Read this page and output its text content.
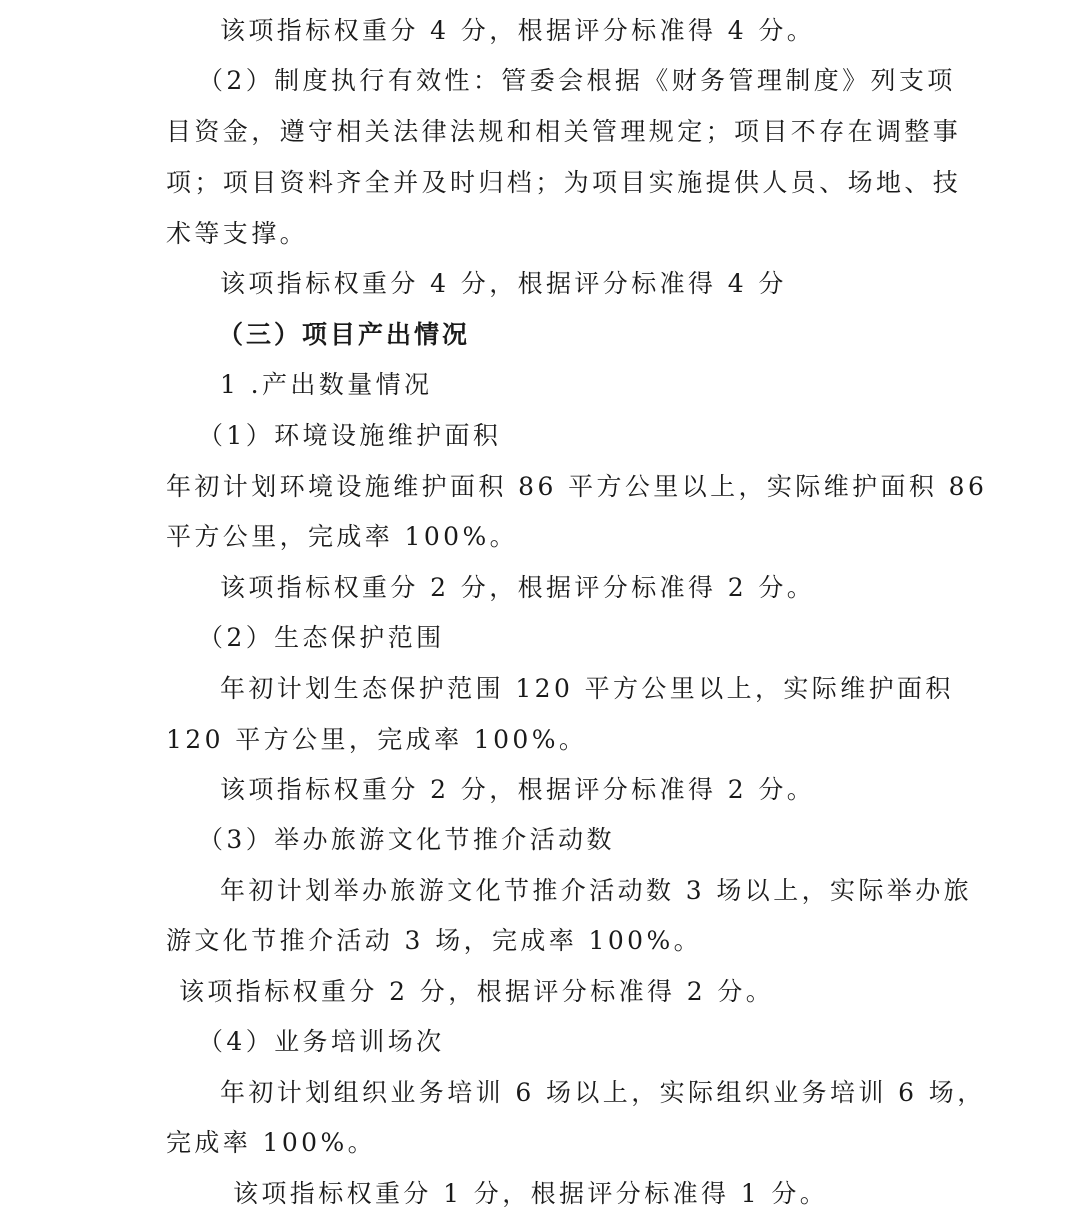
该项指标权重分 4 分，根据评分标准得 4 分。
（2）制度执行有效性：管委会根据《财务管理制度》列支项
目资金，遵守相关法律法规和相关管理规定；项目不存在调整事
项；项目资料齐全并及时归档；为项目实施提供人员、场地、技
术等支撑。
该项指标权重分 4 分，根据评分标准得 4 分
（三）项目产出情况
1 .产出数量情况
（1）环境设施维护面积
年初计划环境设施维护面积 86 平方公里以上，实际维护面积 86
平方公里，完成率 100%。
该项指标权重分 2 分，根据评分标准得 2 分。
（2）生态保护范围
年初计划生态保护范围 120 平方公里以上，实际维护面积
120 平方公里，完成率 100%。
该项指标权重分 2 分，根据评分标准得 2 分。
（3）举办旅游文化节推介活动数
年初计划举办旅游文化节推介活动数 3 场以上，实际举办旅
游文化节推介活动 3 场，完成率 100%。
该项指标权重分 2 分，根据评分标准得 2 分。
（4）业务培训场次
年初计划组织业务培训 6 场以上，实际组织业务培训 6 场，
完成率 100%。
该项指标权重分 1 分，根据评分标准得 1 分。
